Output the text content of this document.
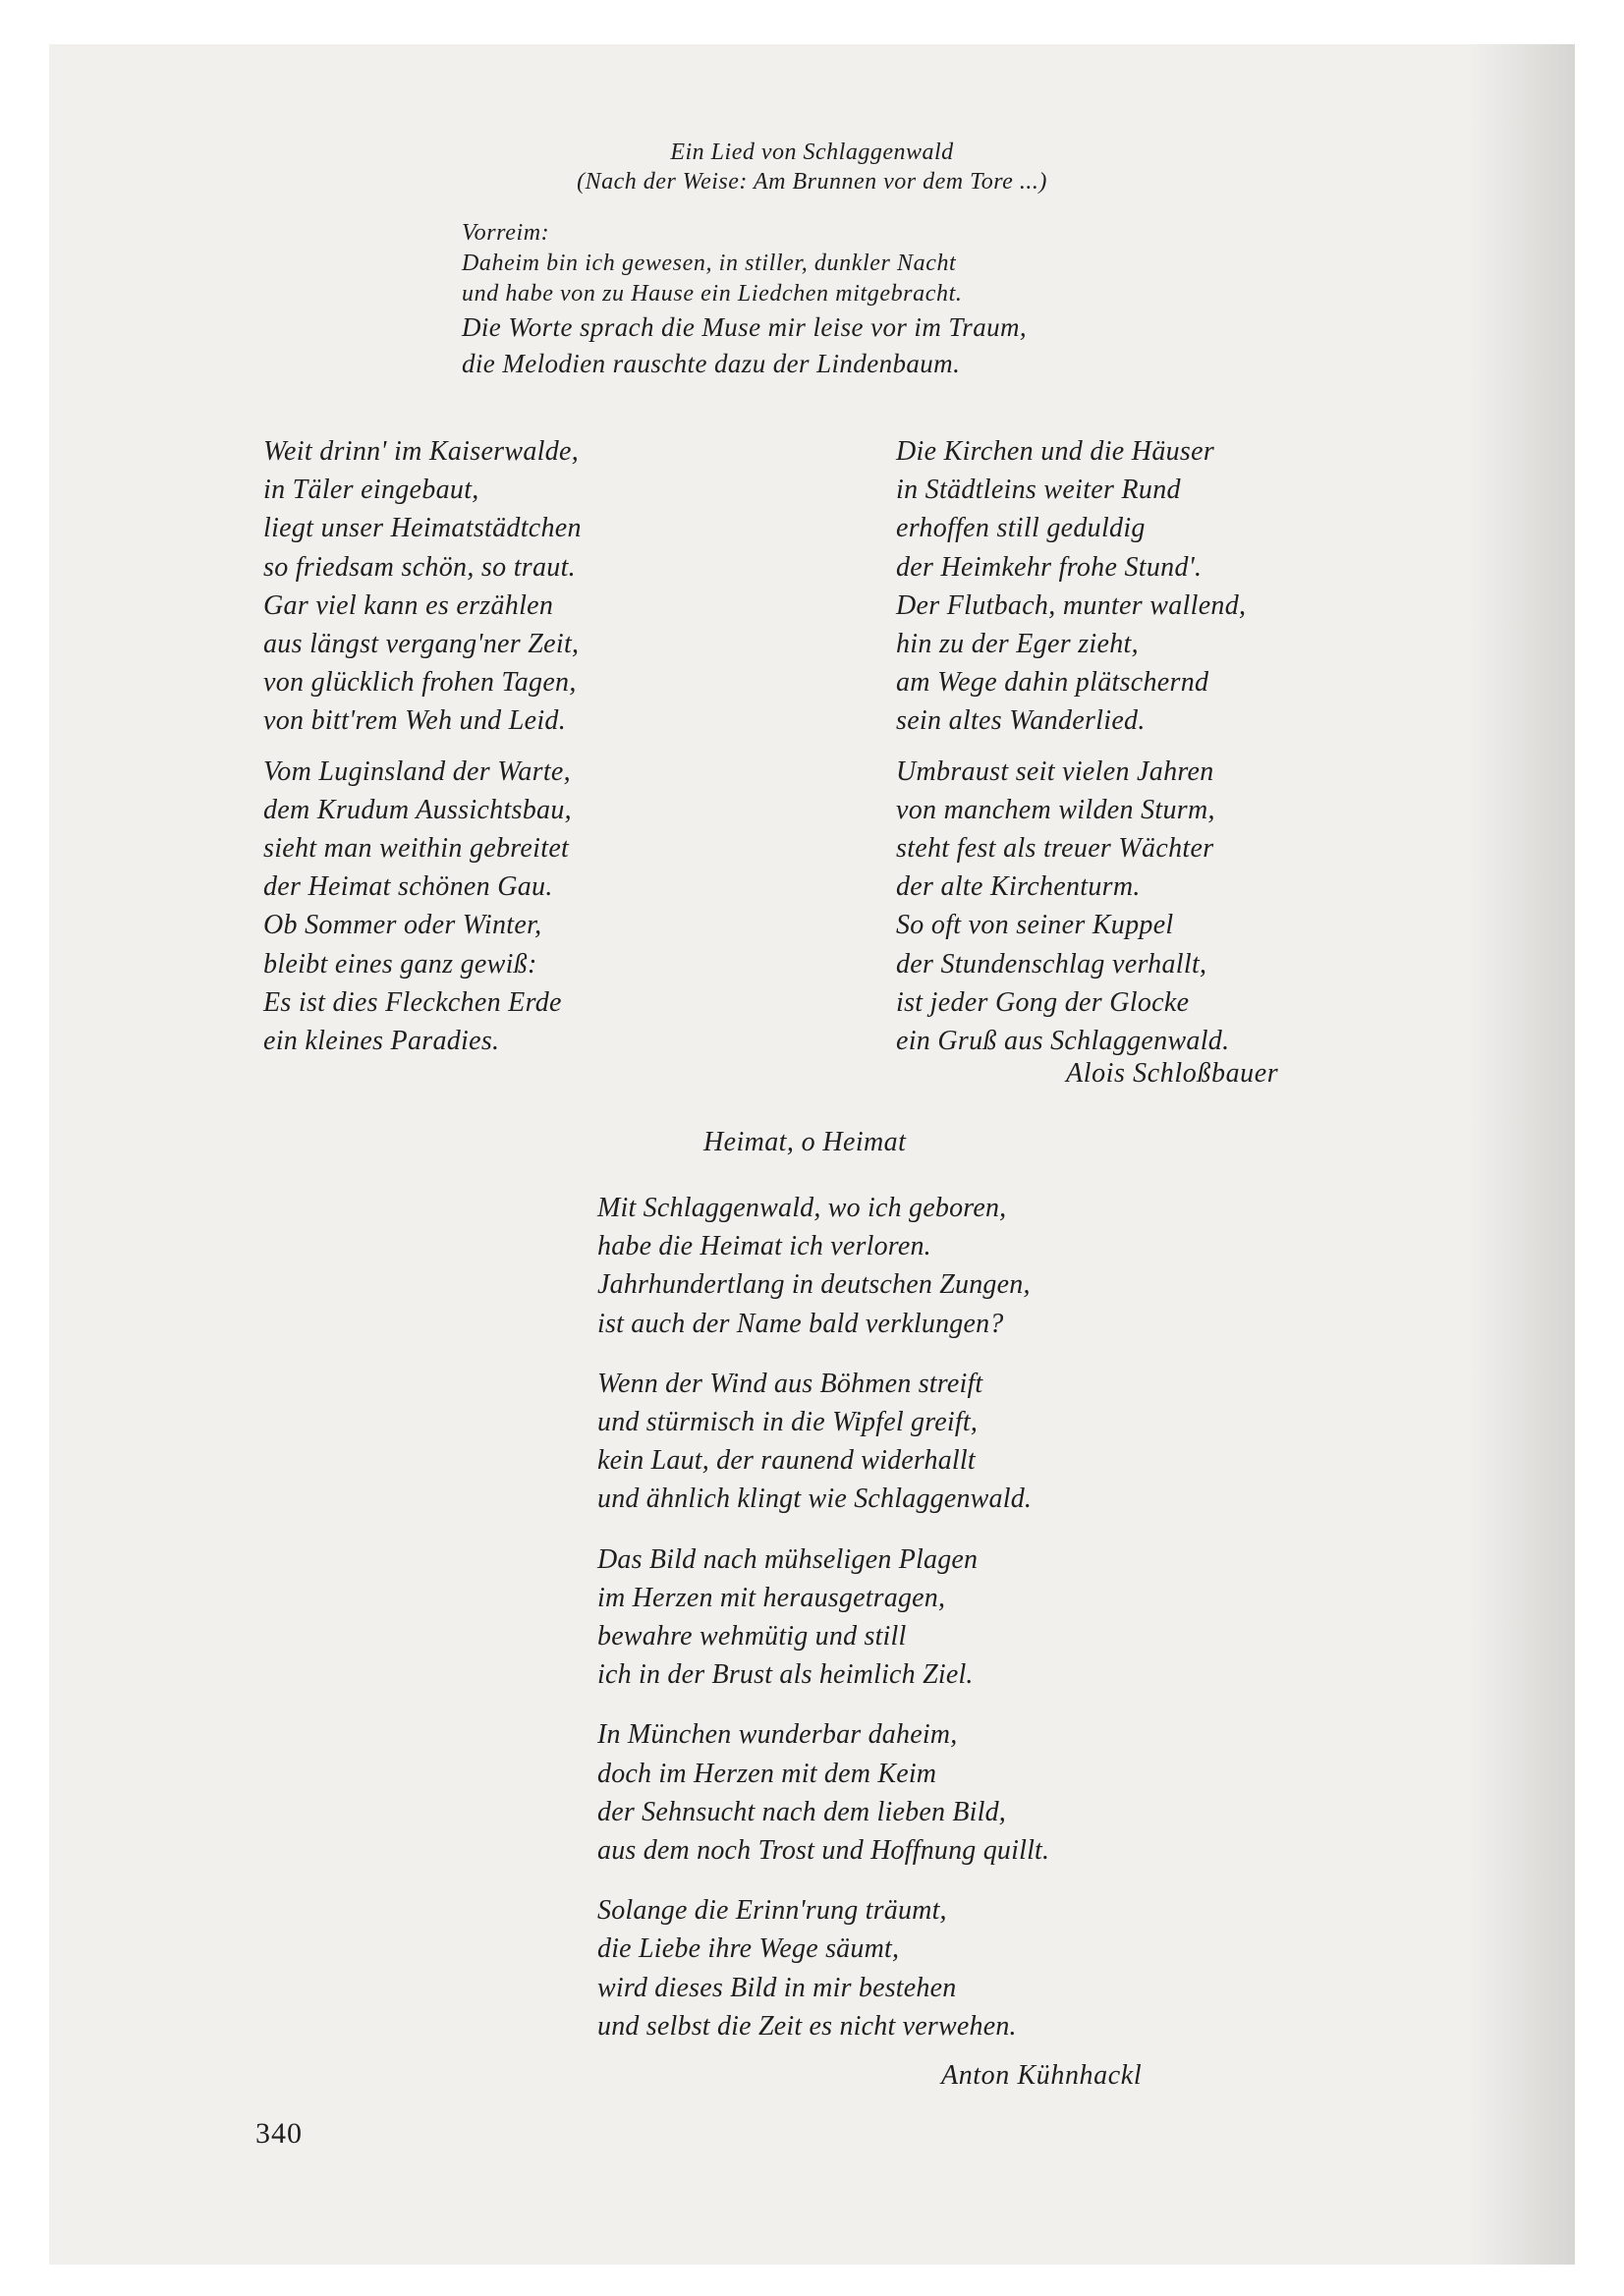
Ein Lied von Schlaggenwald
(Nach der Weise: Am Brunnen vor dem Tore ...)
Vorreim:
Daheim bin ich gewesen, in stiller, dunkler Nacht
und habe von zu Hause ein Liedchen mitgebracht.
Die Worte sprach die Muse mir leise vor im Traum,
die Melodien rauschte dazu der Lindenbaum.
Weit drinn' im Kaiserwalde,
in Täler eingebaut,
liegt unser Heimatstädtchen
so friedsam schön, so traut.
Gar viel kann es erzählen
aus längst vergang'ner Zeit,
von glücklich frohen Tagen,
von bitt'rem Weh und Leid.
Vom Luginsland der Warte,
dem Krudum Aussichtsbau,
sieht man weithin gebreitet
der Heimat schönen Gau.
Ob Sommer oder Winter,
bleibt eines ganz gewiß:
Es ist dies Fleckchen Erde
ein kleines Paradies.
Die Kirchen und die Häuser
in Städtleins weiter Rund
erhoffen still geduldig
der Heimkehr frohe Stund'.
Der Flutbach, munter wallend,
hin zu der Eger zieht,
am Wege dahin plätschernd
sein altes Wanderlied.
Umbraust seit vielen Jahren
von manchem wilden Sturm,
steht fest als treuer Wächter
der alte Kirchenturm.
So oft von seiner Kuppel
der Stundenschlag verhallt,
ist jeder Gong der Glocke
ein Gruß aus Schlaggenwald.
Alois Schloßbauer
Heimat, o Heimat
Mit Schlaggenwald, wo ich geboren,
habe die Heimat ich verloren.
Jahrhundertlang in deutschen Zungen,
ist auch der Name bald verklungen?
Wenn der Wind aus Böhmen streift
und stürmisch in die Wipfel greift,
kein Laut, der raunend widerhallt
und ähnlich klingt wie Schlaggenwald.
Das Bild nach mühseligen Plagen
im Herzen mit herausgetragen,
bewahre wehmütig und still
ich in der Brust als heimlich Ziel.
In München wunderbar daheim,
doch im Herzen mit dem Keim
der Sehnsucht nach dem lieben Bild,
aus dem noch Trost und Hoffnung quillt.
Solange die Erinn'rung träumt,
die Liebe ihre Wege säumt,
wird dieses Bild in mir bestehen
und selbst die Zeit es nicht verwehen.
Anton Kühnhackl
340
